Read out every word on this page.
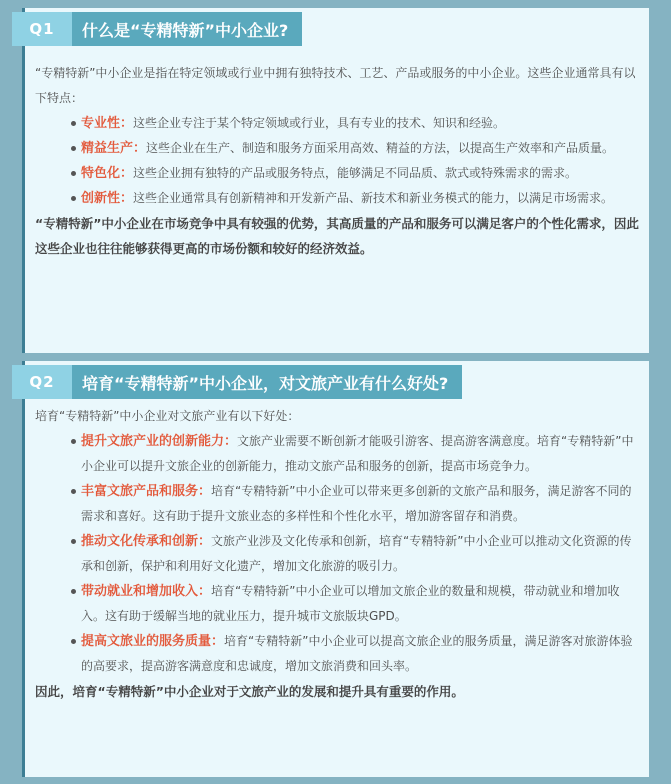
Q1	什么是“专精特新”中小企业?

“专精特新”中小企业是指在特定领域或行业中拥有独特技术、工艺、产品或服务的中小企业。这些企业通常具有以下特点：

专业性：这些企业专注于某个特定领域或行业，具有专业的技术、知识和经验。
精益生产：这些企业在生产、制造和服务方面采用高效、精益的方法，以提高生产效率和产品质量。
特色化：这些企业拥有独特的产品或服务特点，能够满足不同品质、款式或特殊需求的需求。
创新性：这些企业通常具有创新精神和开发新产品、新技术和新业务模式的能力，以满足市场需求。

“专精特新”中小企业在市场竞争中具有较强的优势，其高质量的产品和服务可以满足客户的个性化需求，因此这些企业也往往能够获得更高的市场份额和较好的经济效益。

Q2	培育“专精特新”中小企业，对文旅产业有什么好处?

培育“专精特新”中小企业对文旅产业有以下好处：

提升文旅产业的创新能力：文旅产业需要不断创新才能吸引游客、提高游客满意度。培育“专精特新”中小企业可以提升文旅企业的创新能力，推动文旅产品和服务的创新，提高市场竞争力。
丰富文旅产品和服务：培育“专精特新”中小企业可以带来更多创新的文旅产品和服务，满足游客不同的需求和喜好。这有助于提升文旅业态的多样性和个性化水平，增加游客留存和消费。
推动文化传承和创新：文旅产业涉及文化传承和创新，培育“专精特新”中小企业可以推动文化资源的传承和创新，保护和利用好文化遗产，增加文化旅游的吸引力。
带动就业和增加收入：培育“专精特新”中小企业可以增加文旅企业的数量和规模，带动就业和增加收入。这有助于缓解当地的就业压力，提升城市文旅版块GPD。
提高文旅业的服务质量：培育“专精特新”中小企业可以提高文旅企业的服务质量，满足游客对旅游体验的高要求，提高游客满意度和忠诚度，增加文旅消费和回头率。

因此，培育“专精特新”中小企业对于文旅产业的发展和提升具有重要的作用。
